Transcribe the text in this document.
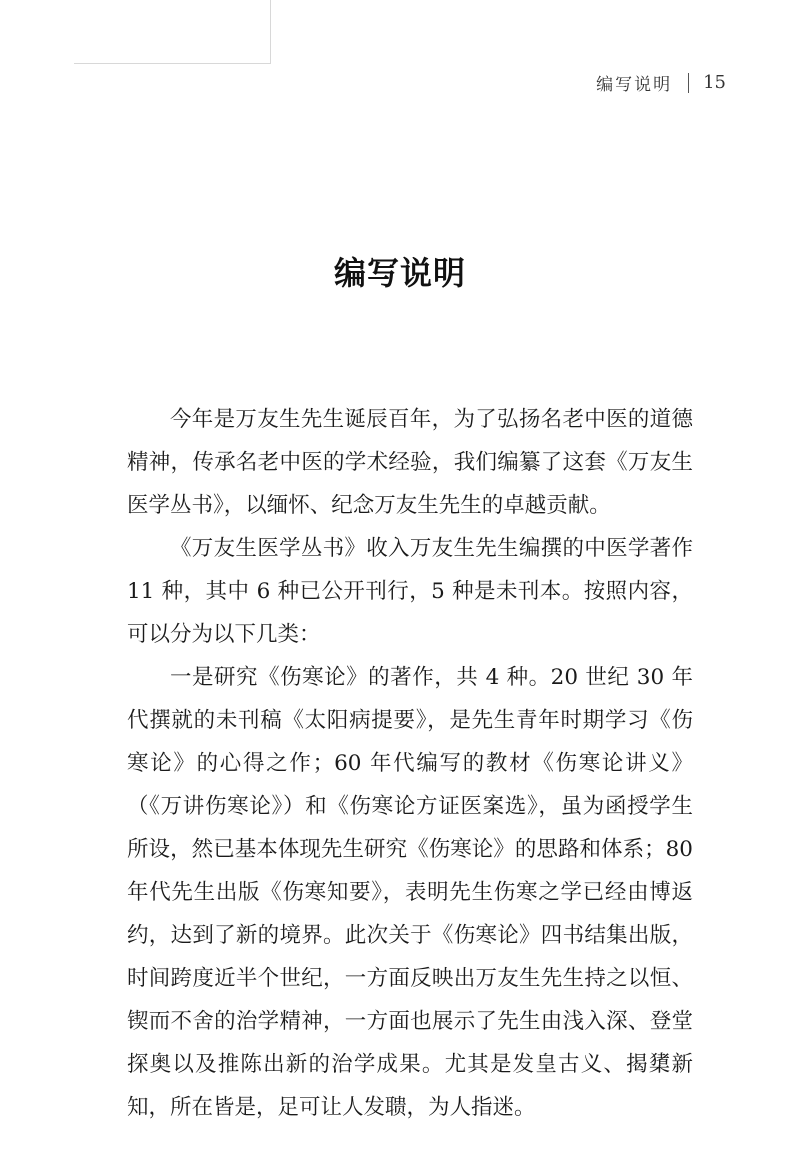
编写说明 15
编写说明

今年是万友生先生诞辰百年，为了弘扬名老中医的道德精神，传承名老中医的学术经验，我们编纂了这套《万友生医学丛书》，以缅怀、纪念万友生先生的卓越贡献。

《万友生医学丛书》收入万友生先生编撰的中医学著作 11 种，其中 6 种已公开刊行，5 种是未刊本。按照内容，可以分为以下几类：

一是研究《伤寒论》的著作，共 4 种。20 世纪 30 年代撰就的未刊稿《太阳病提要》，是先生青年时期学习《伤寒论》的心得之作；60 年代编写的教材《伤寒论讲义》（《万讲伤寒论》）和《伤寒论方证医案选》，虽为函授学生所设，然已基本体现先生研究《伤寒论》的思路和体系；80 年代先生出版《伤寒知要》，表明先生伤寒之学已经由博返约，达到了新的境界。此次关于《伤寒论》四书结集出版，时间跨度近半个世纪，一方面反映出万友生先生持之以恒、锲而不舍的治学精神，一方面也展示了先生由浅入深、登堂探奥以及推陈出新的治学成果。尤其是发皇古义、揭橥新知，所在皆是，足可让人发聩，为人指迷。
